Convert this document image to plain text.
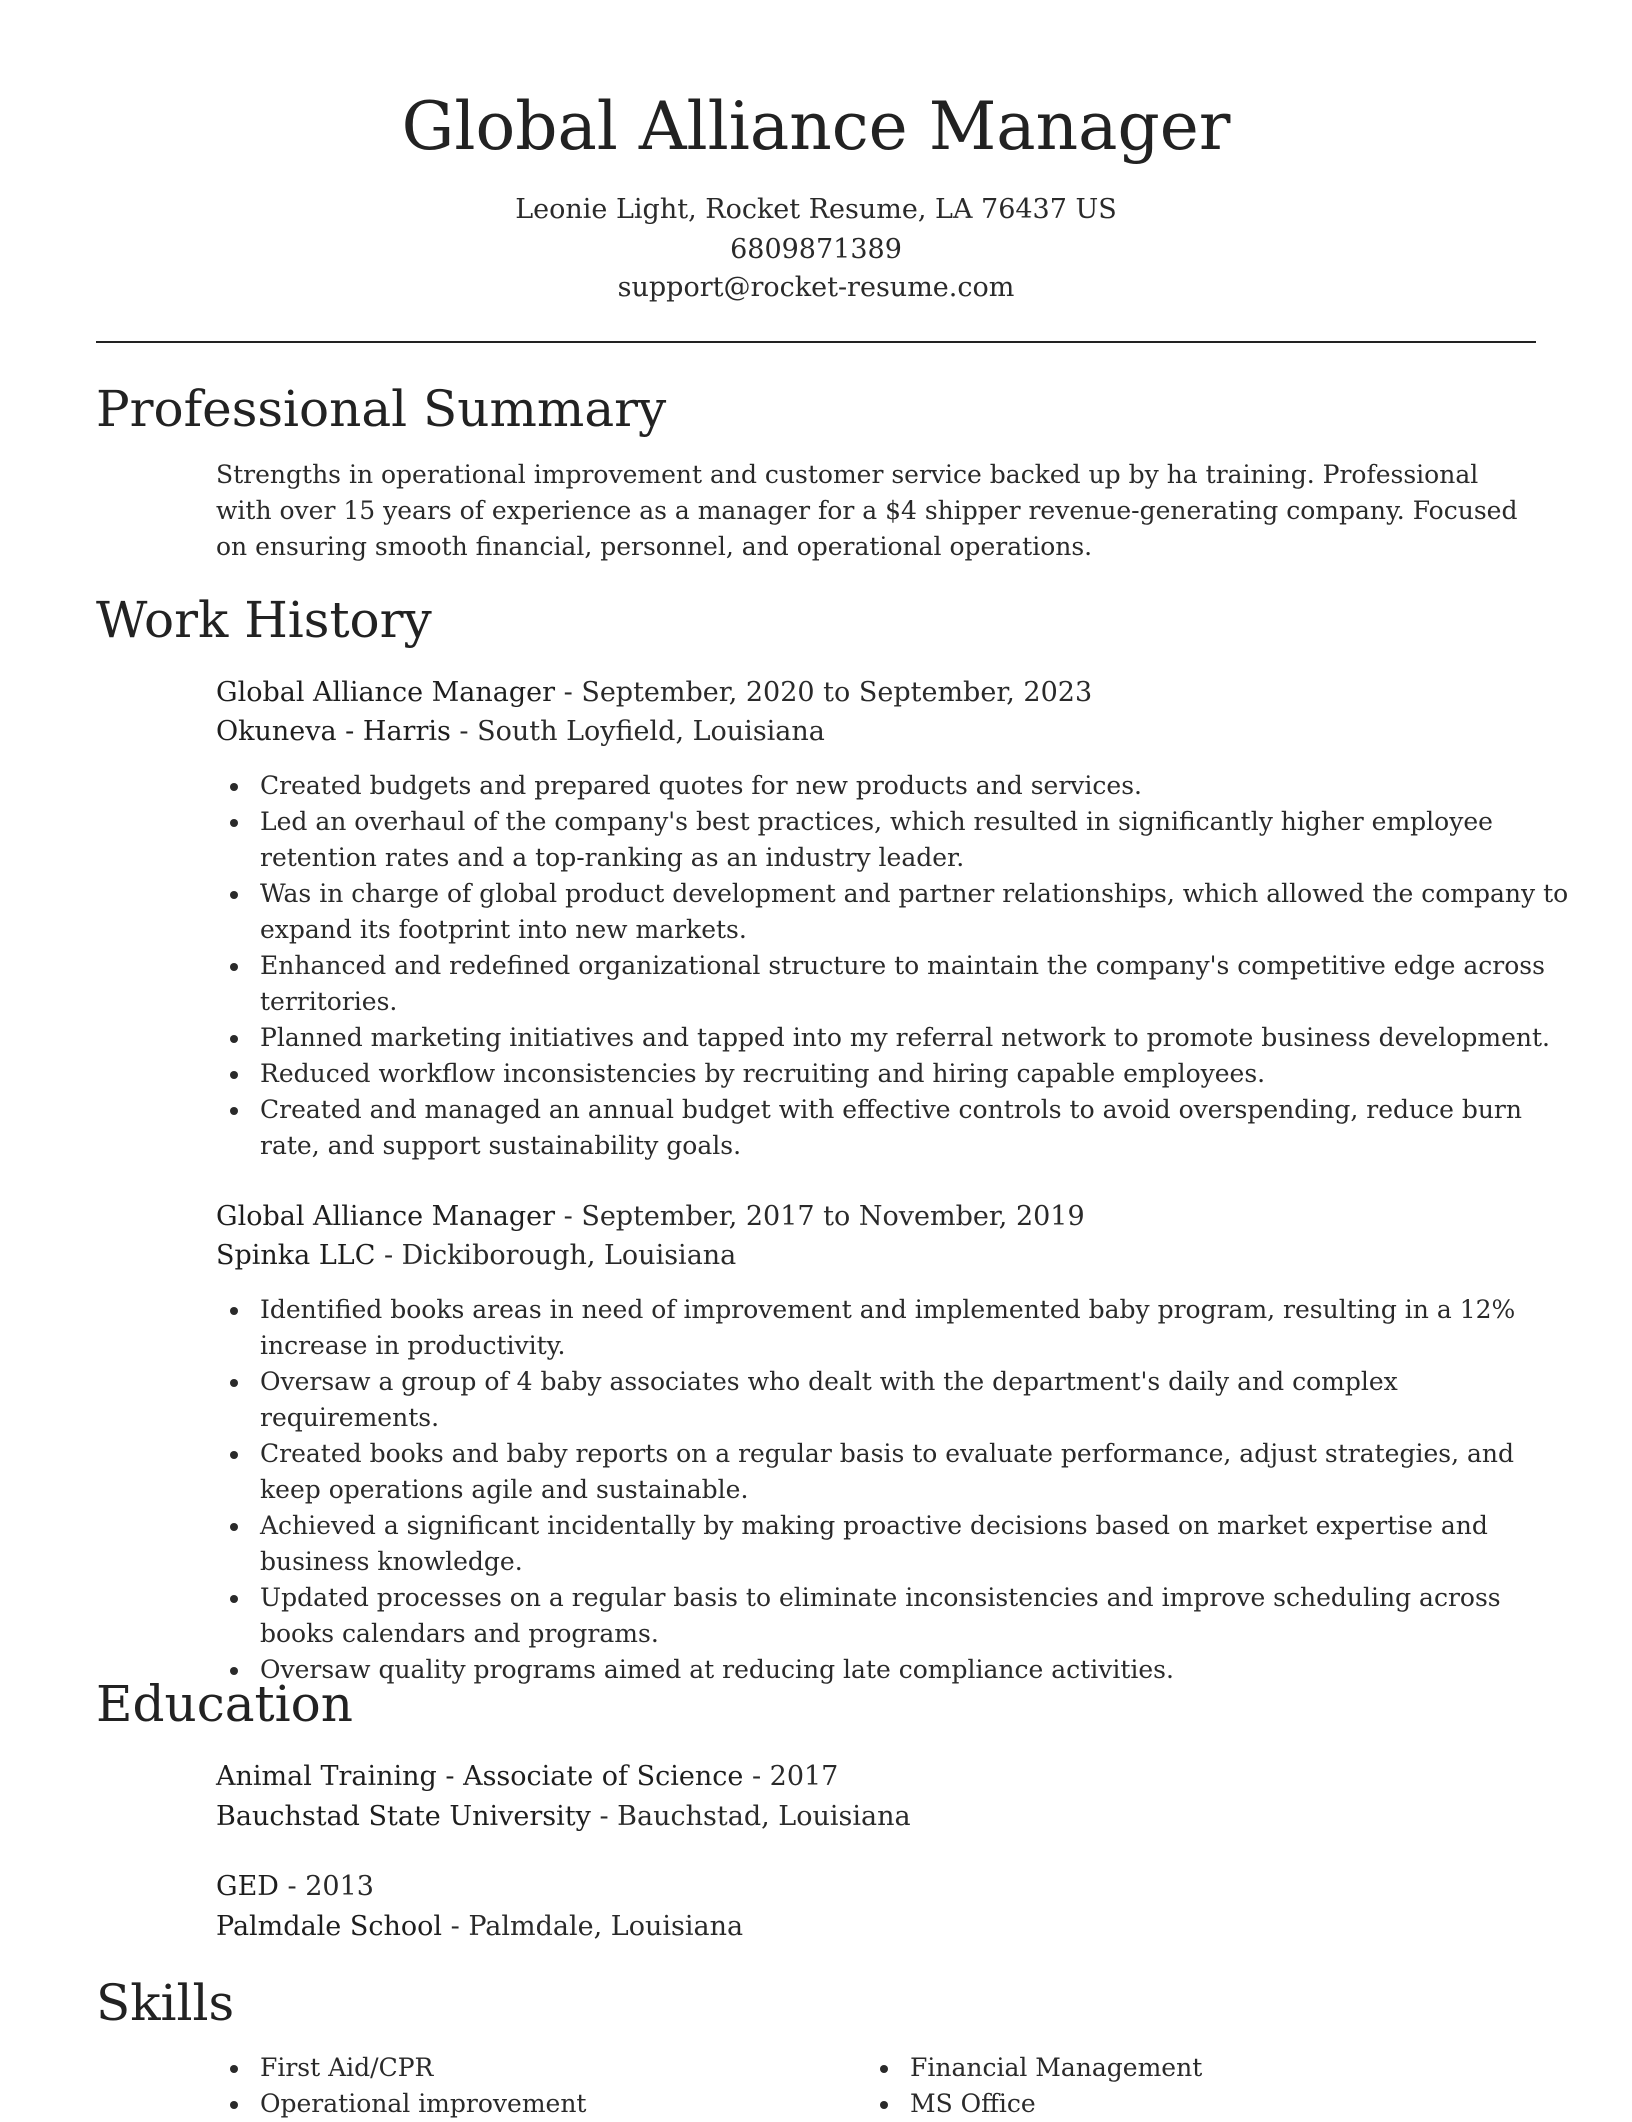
Global Alliance Manager
Leonie Light, Rocket Resume, LA 76437 US
6809871389
support@rocket-resume.com
Professional Summary

Strengths in operational improvement and customer service backed up by ha training. Professional with over 15 years of experience as a manager for a $4 shipper revenue-generating company. Focused on ensuring smooth financial, personnel, and operational operations.

Work History
Global Alliance Manager - September, 2020 to September, 2023
Okuneva - Harris - South Loyfield, Louisiana
Created budgets and prepared quotes for new products and services.
Led an overhaul of the company's best practices, which resulted in significantly higher employee retention rates and a top-ranking as an industry leader.
Was in charge of global product development and partner relationships, which allowed the company to expand its footprint into new markets.
Enhanced and redefined organizational structure to maintain the company's competitive edge across territories.
Planned marketing initiatives and tapped into my referral network to promote business development.
Reduced workflow inconsistencies by recruiting and hiring capable employees.
Created and managed an annual budget with effective controls to avoid overspending, reduce burn rate, and support sustainability goals.
Global Alliance Manager - September, 2017 to November, 2019
Spinka LLC - Dickiborough, Louisiana
Identified books areas in need of improvement and implemented baby program, resulting in a 12% increase in productivity.
Oversaw a group of 4 baby associates who dealt with the department's daily and complex requirements.
Created books and baby reports on a regular basis to evaluate performance, adjust strategies, and keep operations agile and sustainable.
Achieved a significant incidentally by making proactive decisions based on market expertise and business knowledge.
Updated processes on a regular basis to eliminate inconsistencies and improve scheduling across books calendars and programs.
Oversaw quality programs aimed at reducing late compliance activities.
Education
Animal Training - Associate of Science - 2017
Bauchstad State University - Bauchstad, Louisiana
GED - 2013
Palmdale School - Palmdale, Louisiana
Skills
First Aid/CPR
Operational improvement
Financial Management
MS Office
